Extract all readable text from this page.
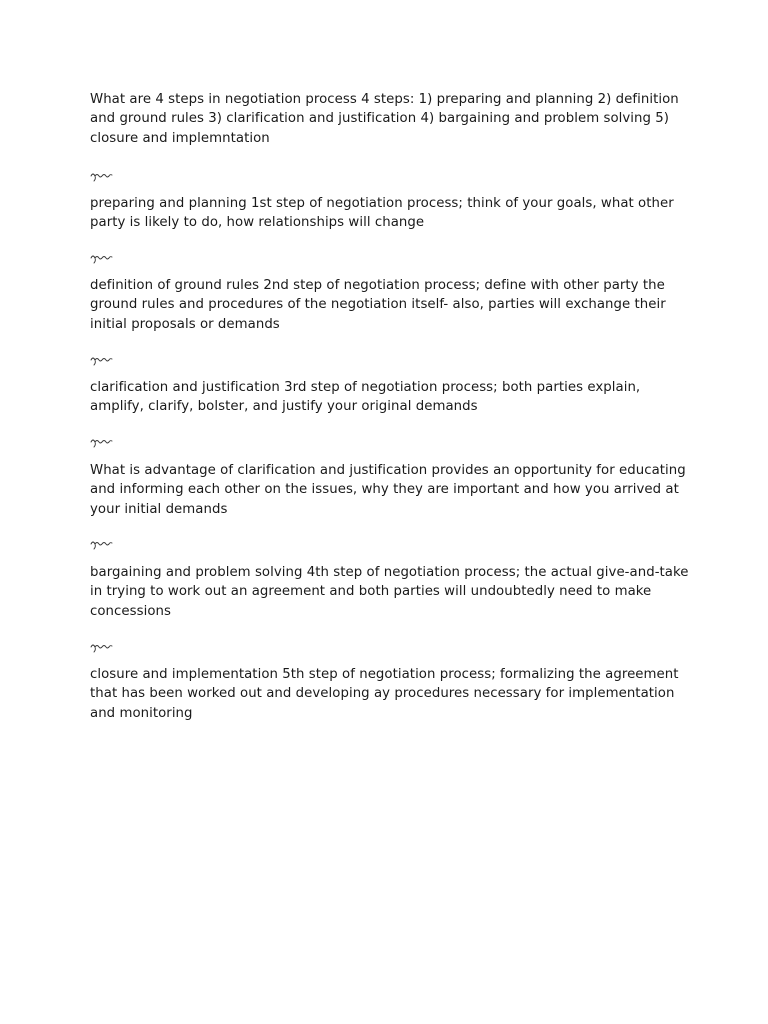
What are 4 steps in negotiation process 4 steps: 1) preparing and planning 2) definition and ground rules 3) clarification and justification 4) bargaining and problem solving 5) closure and implemntation

preparing and planning 1st step of negotiation process; think of your goals, what other party is likely to do, how relationships will change

definition of ground rules 2nd step of negotiation process; define with other party the ground rules and procedures of the negotiation itself- also, parties will exchange their initial proposals or demands

clarification and justification 3rd step of negotiation process; both parties explain, amplify, clarify, bolster, and justify your original demands

What is advantage of clarification and justification provides an opportunity for educating and informing each other on the issues, why they are important and how you arrived at your initial demands

bargaining and problem solving 4th step of negotiation process; the actual give-and-take in trying to work out an agreement and both parties will undoubtedly need to make concessions

closure and implementation 5th step of negotiation process; formalizing the agreement that has been worked out and developing ay procedures necessary for implementation and monitoring
